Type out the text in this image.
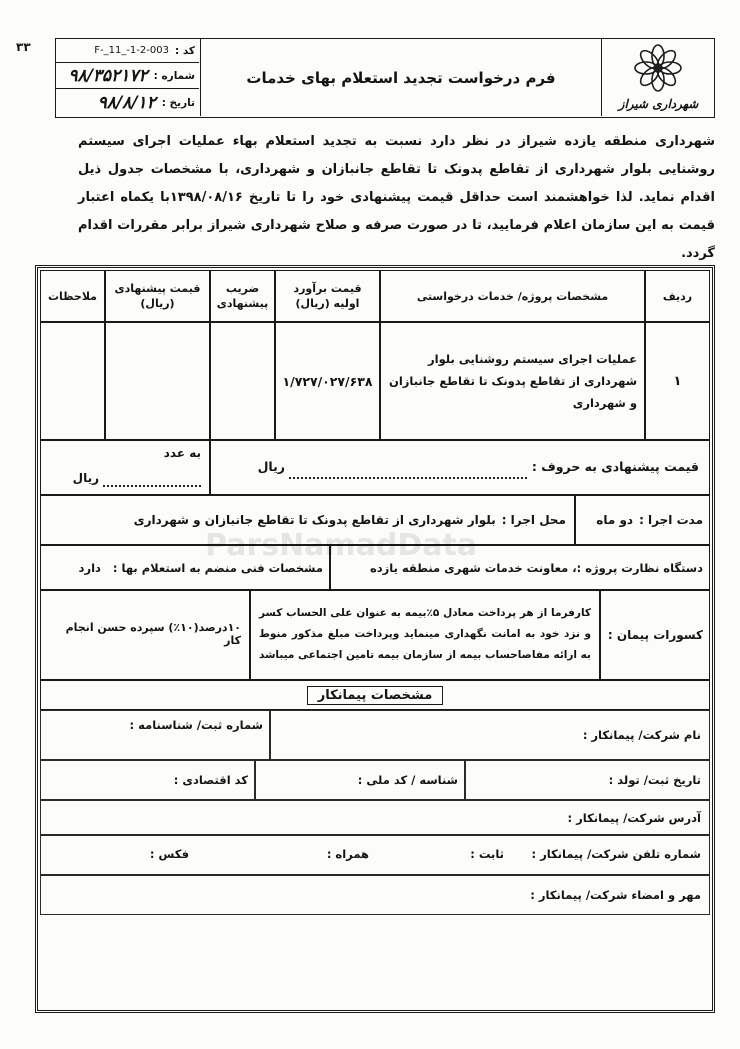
۳۳	کد :
F-_11_-1-2-003
شماره :
۹۸/۳۵۲۱۷۲
تاریخ :
۹۸/۸/۱۲
فرم درخواست تجدید استعلام بهای خدمات
شهرداری شیراز
شهرداری منطقه یازده شیراز در نظر دارد نسبت به تجدید استعلام بهاء عملیات اجرای سیستم روشنایی بلوار شهرداری از تقاطع پدونک تا تقاطع جانبازان و شهرداری، با مشخصات جدول ذیل اقدام نماید. لذا خواهشمند است حداقل قیمت پیشنهادی خود را تا تاریخ ۱۳۹۸/۰۸/۱۶با یکماه اعتبار قیمت به این سازمان اعلام فرمایید، تا در صورت صرفه و صلاح شهرداری شیراز برابر مقررات اقدام گردد.
ردیف
مشخصات پروژه/ خدمات درخواستی
قیمت برآورد اولیه (ریال)
ضریب پیشنهادی
قیمت پیشنهادی (ریال)
ملاحظات
۱
عملیات اجرای سیستم روشنایی بلوار شهرداری از تقاطع پدونک تا تقاطع جانبازان و شهرداری
۱/۷۲۷/۰۲۷/۶۳۸
قیمت پیشنهادی به حروف :
ریال
به عدد
ریال
مدت اجرا :
دو ماه
محل اجرا :
بلوار شهرداری از تقاطع پدونک تا تقاطع جانبازان و شهرداری
دستگاه نظارت پروژه :
، معاونت خدمات شهری منطقه یازده
مشخصات فنی منضم به استعلام بها :
دارد
کسورات پیمان :
کارفرما از هر پرداخت معادل ۵٪بیمه به عنوان علی الحساب کسر و نزد خود به امانت نگهداری مینماید وپرداخت مبلغ مذکور منوط به ارائه مفاصاحساب بیمه از سازمان بیمه تامین اجتماعی میباشد
۱۰درصد(۱۰٪) سپرده حسن انجام کار
مشخصات پیمانکار
نام شرکت/ پیمانکار :
شماره ثبت/ شناسنامه :
تاریخ ثبت/ تولد :
شناسه / کد ملی :
کد اقتصادی :
آدرس شرکت/ پیمانکار :
شماره تلفن شرکت/ پیمانکار :
ثابت :
همراه :
فکس :
مهر و امضاء شرکت/ پیمانکار :
ParsNamadData
